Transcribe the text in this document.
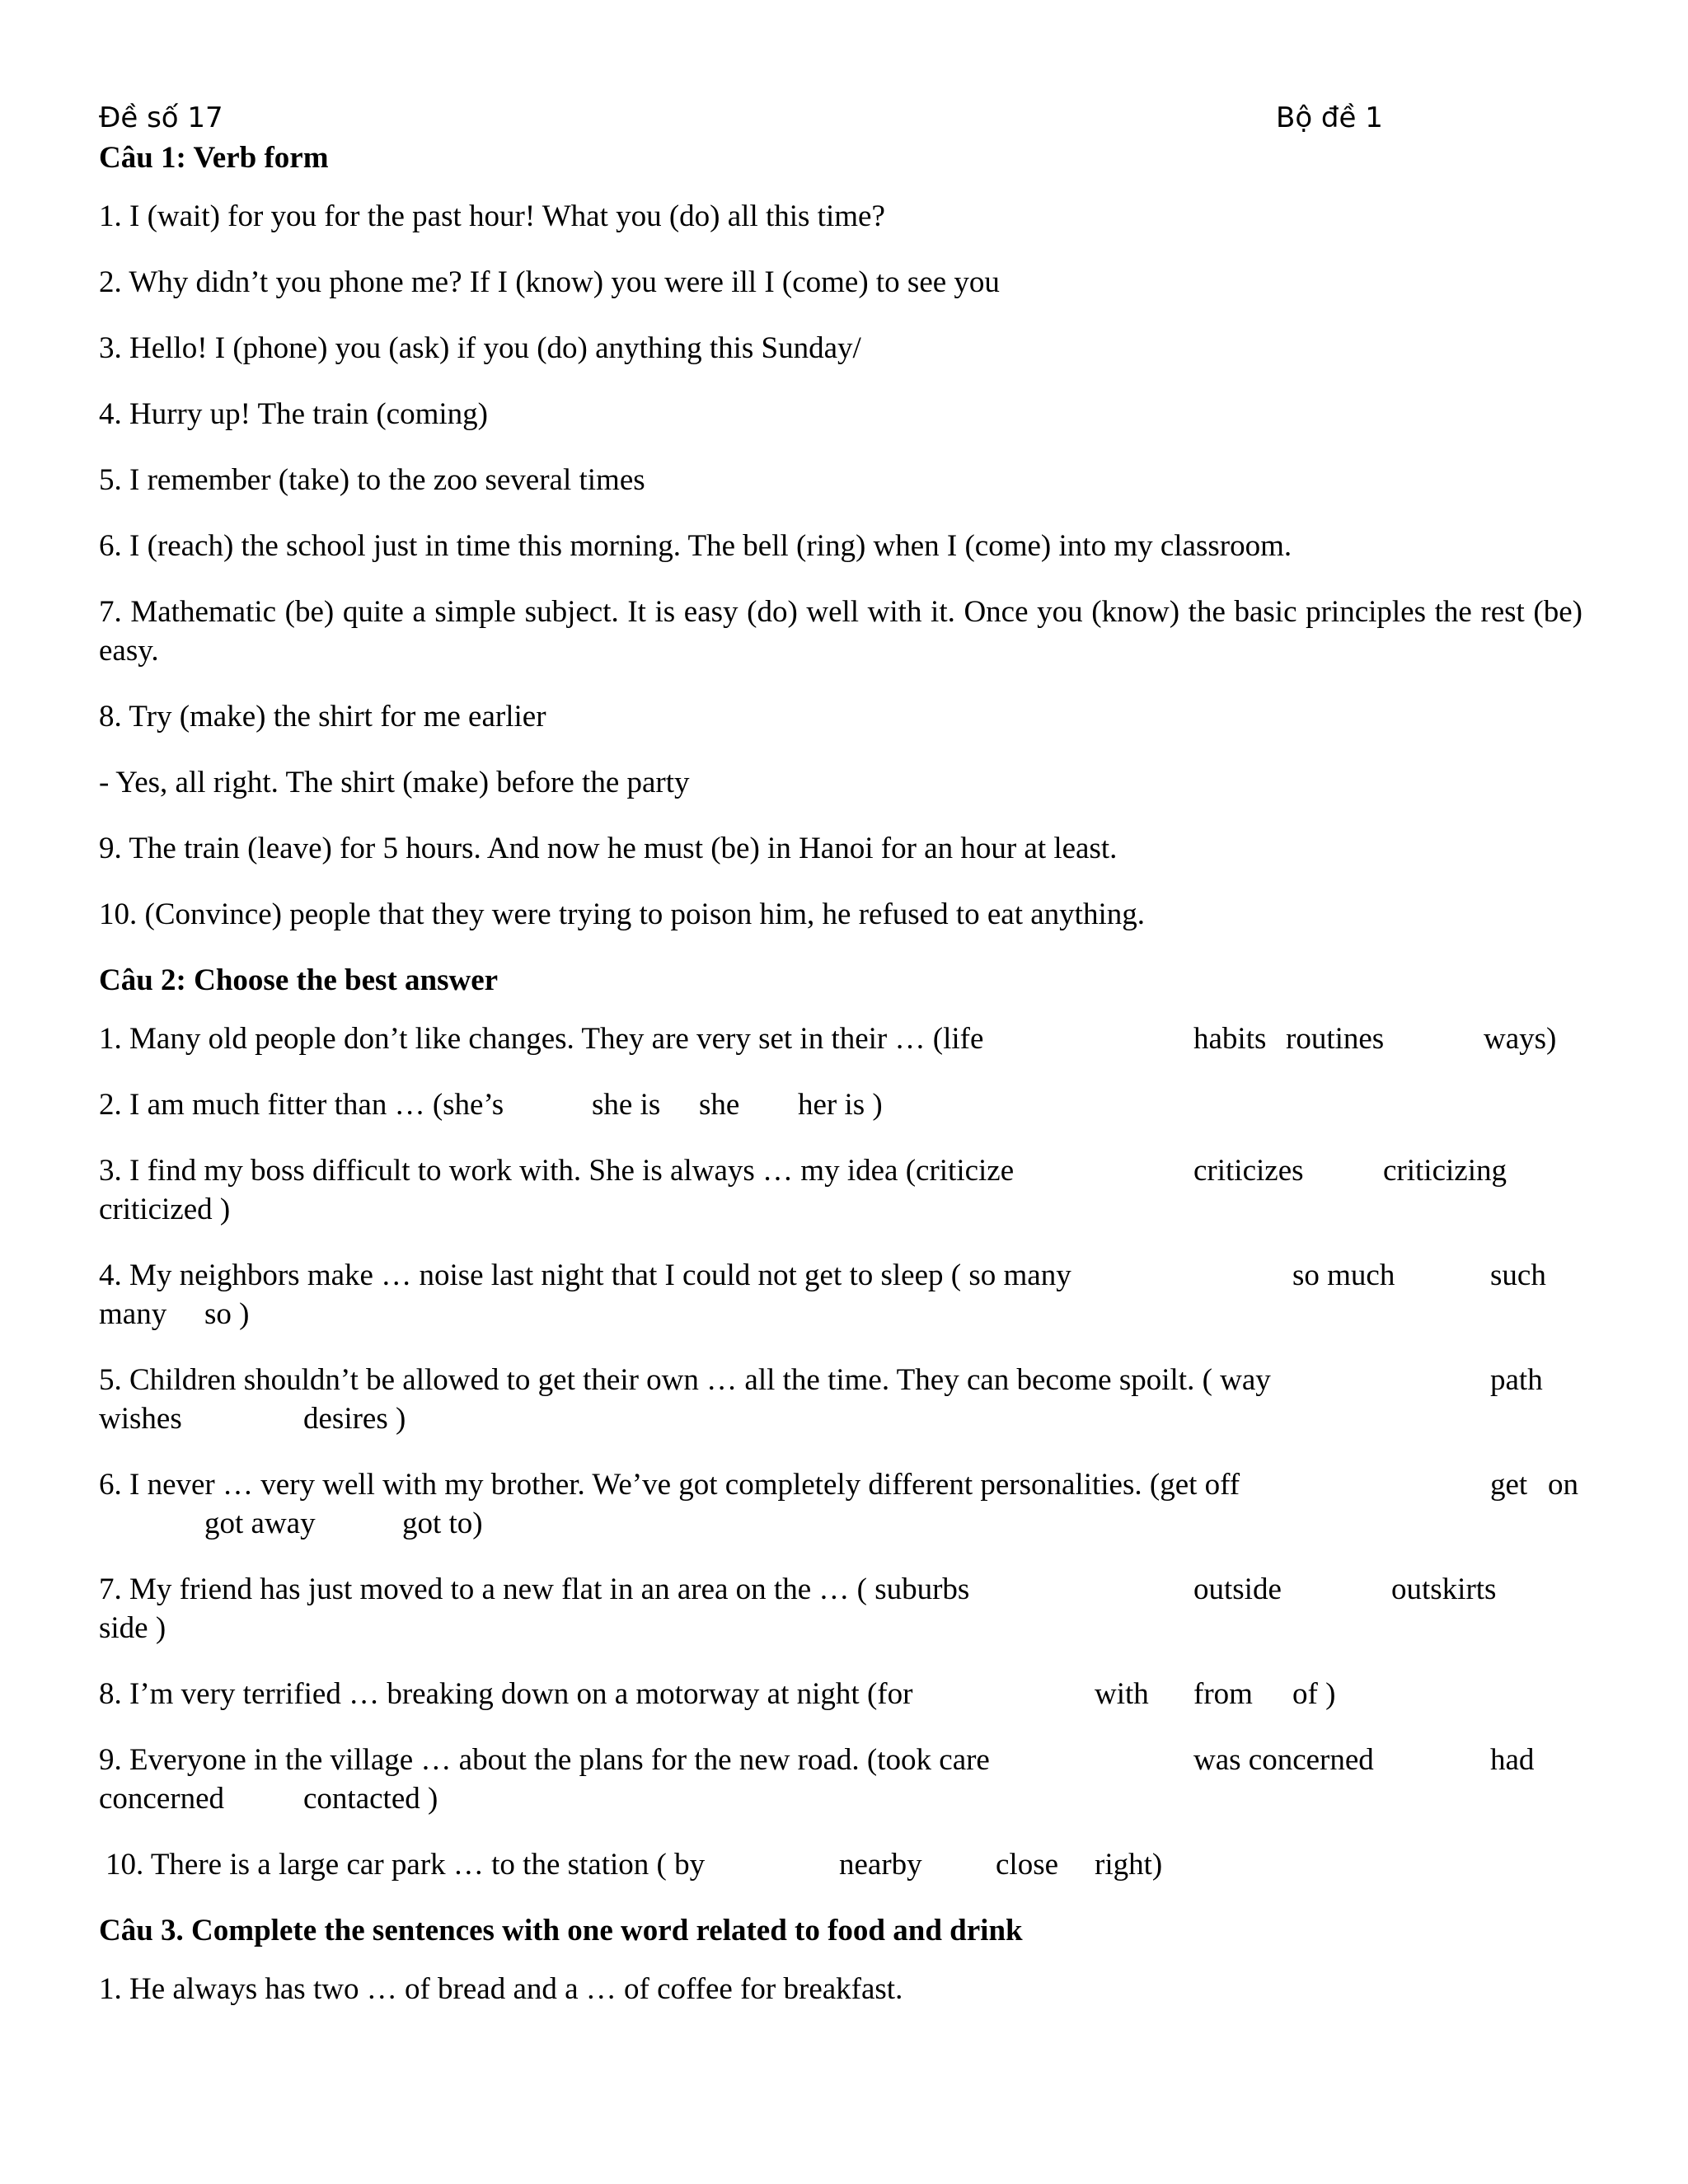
Đề số 17	Bộ đề 1
Câu 1: Verb form
1. I (wait) for you for the past hour! What you (do) all this time?
2. Why didn’t you phone me? If I (know) you were ill I (come) to see you
3. Hello! I (phone) you (ask) if you (do) anything this Sunday/
4. Hurry up! The train (coming)
5. I remember (take) to the zoo several times
6. I (reach) the school just in time this morning. The bell (ring) when I (come) into my classroom.
7. Mathematic (be) quite a simple subject. It is easy (do) well with it. Once you (know) the basic principles the rest (be) easy.
8. Try (make) the shirt for me earlier
- Yes, all right. The shirt (make) before the party
9. The train (leave) for 5 hours. And now he must (be) in Hanoi for an hour at least.
10. (Convince) people that they were trying to poison him, he refused to eat anything.
Câu 2: Choose the best answer
1. Many old people don’t like changes. They are very set in their … (life	habits routines	ways)
2. I am much fitter than … (she’s	she is she her is )
3. I find my boss difficult to work with. She is always … my idea (criticize	criticizes	criticizing
criticized )
4. My neighbors make … noise last night that I could not get to sleep ( so many	so much	such
many so )
5. Children shouldn’t be allowed to get their own … all the time. They can become spoilt. ( way	path
wishes	desires )
6. I never … very well with my brother. We’ve got completely different personalities. (get off	get on
got away	got to)
7. My friend has just moved to a new flat in an area on the … ( suburbs	outside	outskirts
side )
8. I’m very terrified … breaking down on a motorway at night (for	with from of )
9. Everyone in the village … about the plans for the new road. (took care	was concerned	had
concerned	contacted )
10. There is a large car park … to the station ( by	nearby close right)
Câu 3. Complete the sentences with one word related to food and drink
1. He always has two … of bread and a … of coffee for breakfast.
